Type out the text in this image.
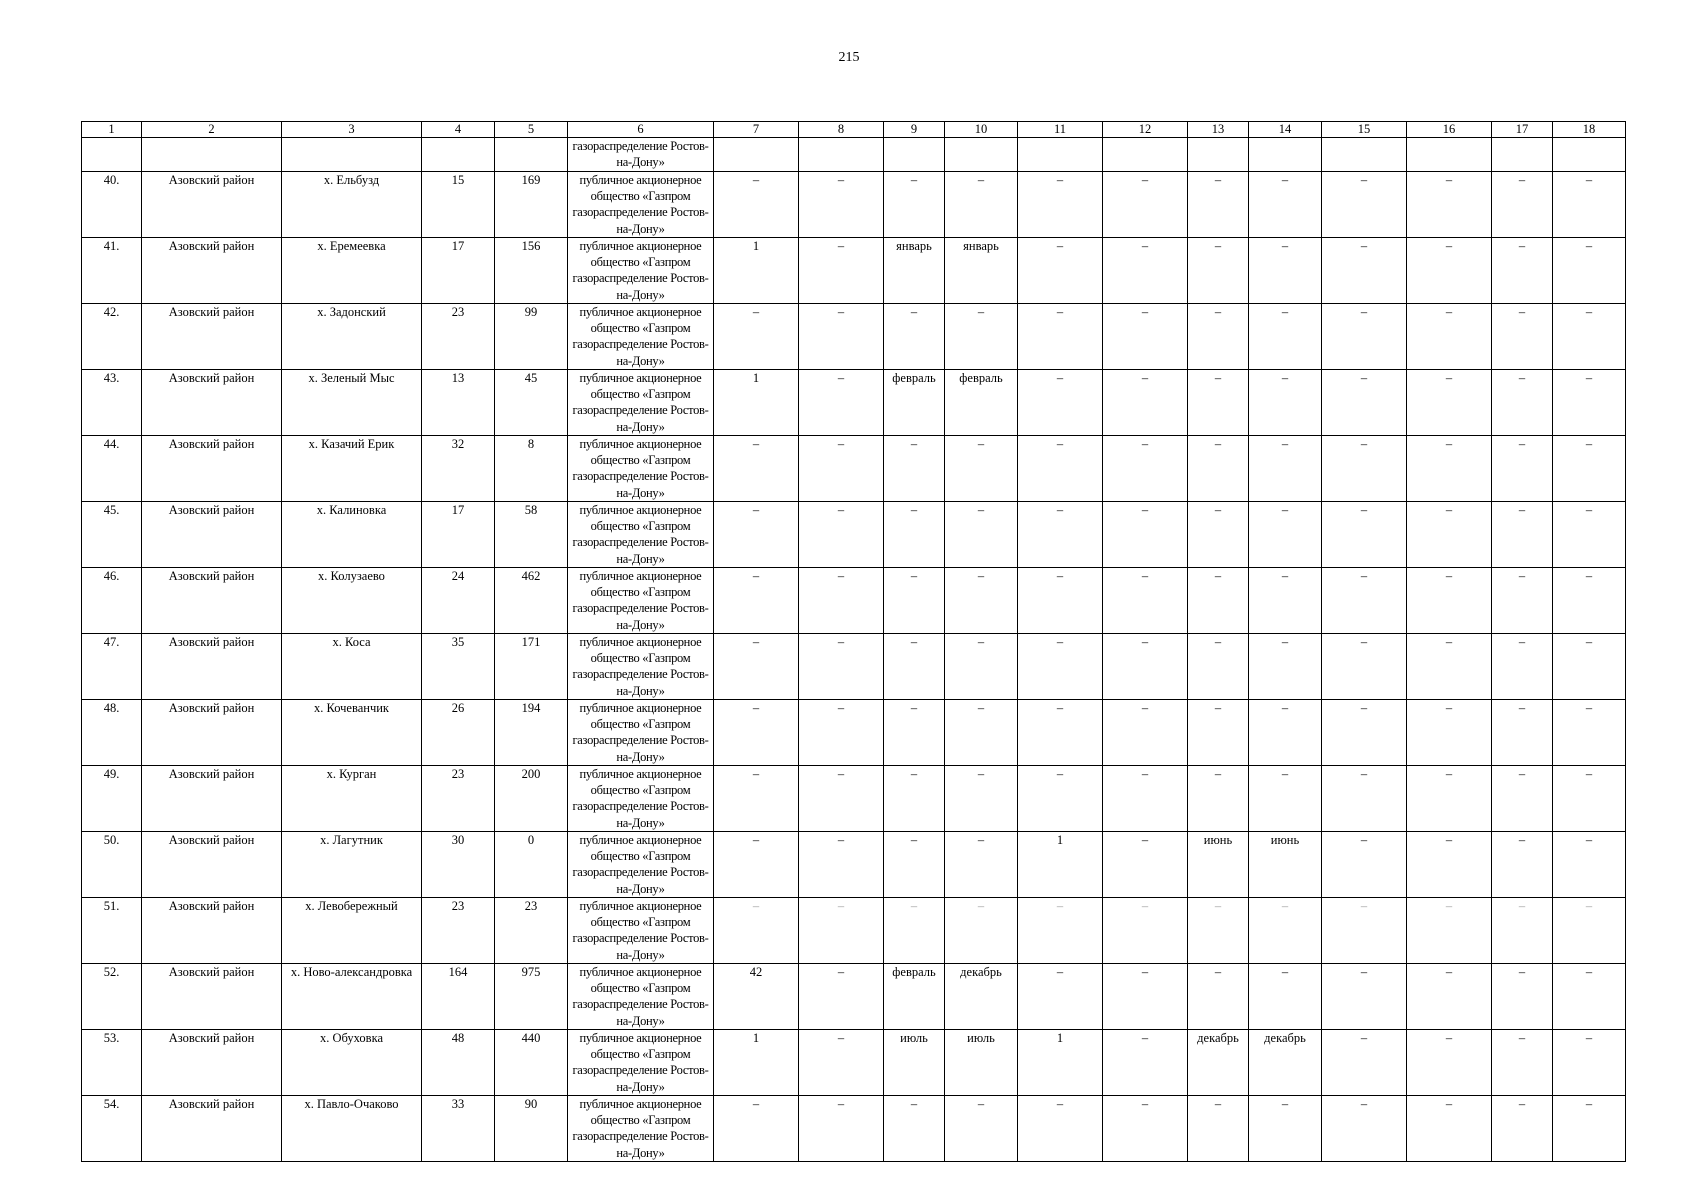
215
1	2	3	4	5	6	7	8	9	10	11	12	13	14	15	16	17	18
					газораспределение Ростов-на-Дону»												
40.	Азовский район	х. Ельбузд	15	169	публичное акционерное общество «Газпром газораспределение Ростов-на-Дону»	–	–	–	–	–	–	–	–	–	–	–	–
41.	Азовский район	х. Еремеевка	17	156	публичное акционерное общество «Газпром газораспределение Ростов-на-Дону»	1	–	январь	январь	–	–	–	–	–	–	–	–
42.	Азовский район	х. Задонский	23	99	публичное акционерное общество «Газпром газораспределение Ростов-на-Дону»	–	–	–	–	–	–	–	–	–	–	–	–
43.	Азовский район	х. Зеленый Мыс	13	45	публичное акционерное общество «Газпром газораспределение Ростов-на-Дону»	1	–	февраль	февраль	–	–	–	–	–	–	–	–
44.	Азовский район	х. Казачий Ерик	32	8	публичное акционерное общество «Газпром газораспределение Ростов-на-Дону»	–	–	–	–	–	–	–	–	–	–	–	–
45.	Азовский район	х. Калиновка	17	58	публичное акционерное общество «Газпром газораспределение Ростов-на-Дону»	–	–	–	–	–	–	–	–	–	–	–	–
46.	Азовский район	х. Колузаево	24	462	публичное акционерное общество «Газпром газораспределение Ростов-на-Дону»	–	–	–	–	–	–	–	–	–	–	–	–
47.	Азовский район	х. Коса	35	171	публичное акционерное общество «Газпром газораспределение Ростов-на-Дону»	–	–	–	–	–	–	–	–	–	–	–	–
48.	Азовский район	х. Кочеванчик	26	194	публичное акционерное общество «Газпром газораспределение Ростов-на-Дону»	–	–	–	–	–	–	–	–	–	–	–	–
49.	Азовский район	х. Курган	23	200	публичное акционерное общество «Газпром газораспределение Ростов-на-Дону»	–	–	–	–	–	–	–	–	–	–	–	–
50.	Азовский район	х. Лагутник	30	0	публичное акционерное общество «Газпром газораспределение Ростов-на-Дону»	–	–	–	–	1	–	июнь	июнь	–	–	–	–
51.	Азовский район	х. Левобережный	23	23	публичное акционерное общество «Газпром газораспределение Ростов-на-Дону»	–	–	–	–	–	–	–	–	–	–	–	–
52.	Азовский район	х. Ново-александровка	164	975	публичное акционерное общество «Газпром газораспределение Ростов-на-Дону»	42	–	февраль	декабрь	–	–	–	–	–	–	–	–
53.	Азовский район	х. Обуховка	48	440	публичное акционерное общество «Газпром газораспределение Ростов-на-Дону»	1	–	июль	июль	1	–	декабрь	декабрь	–	–	–	–
54.	Азовский район	х. Павло-Очаково	33	90	публичное акционерное общество «Газпром газораспределение Ростов-на-Дону»	–	–	–	–	–	–	–	–	–	–	–	–
